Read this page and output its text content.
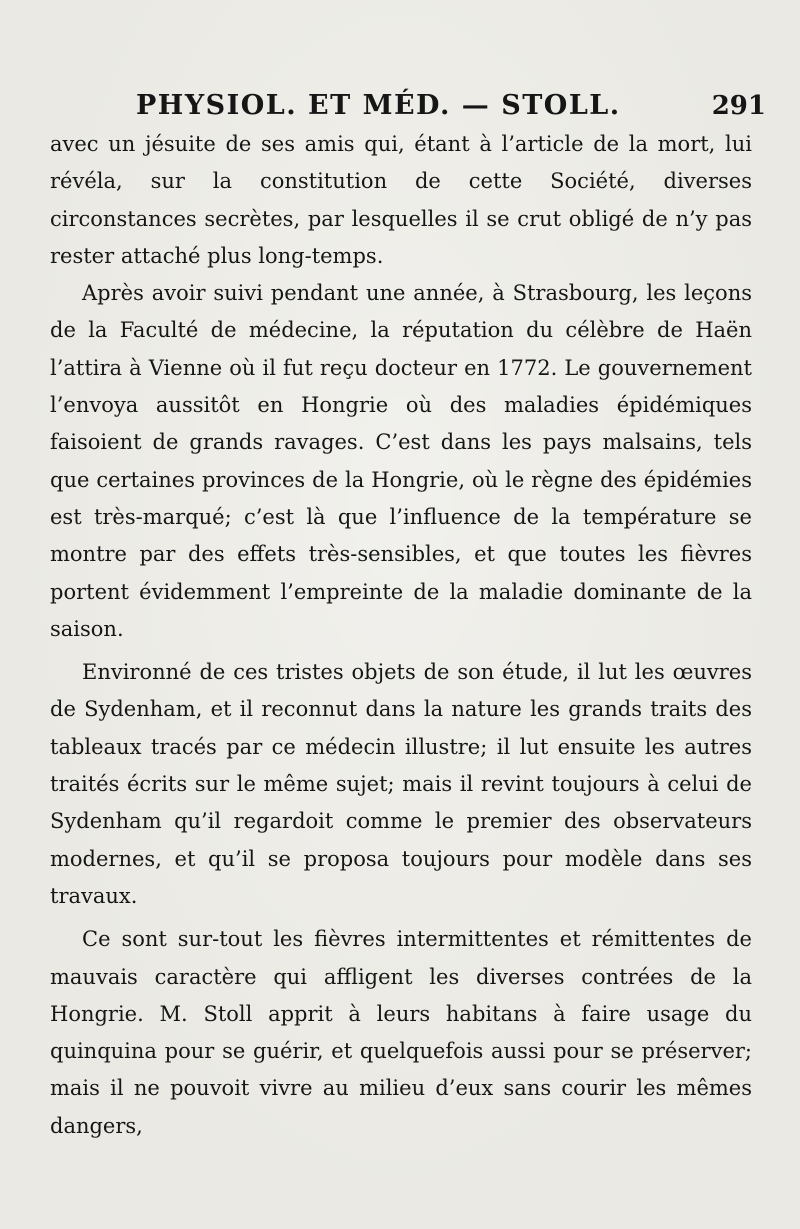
PHYSIOL. ET MÉD. — STOLL.	291

avec un jésuite de ses amis qui, étant à l’article de la mort, lui révéla, sur la constitution de cette Société, diverses circonstances secrètes, par lesquelles il se crut obligé de n’y pas rester attaché plus long-temps.

Après avoir suivi pendant une année, à Strasbourg, les leçons de la Faculté de médecine, la réputation du célèbre de Haën l’attira à Vienne où il fut reçu docteur en 1772. Le gouvernement l’envoya aussitôt en Hongrie où des maladies épidémiques faisoient de grands ravages. C’est dans les pays malsains, tels que certaines provinces de la Hongrie, où le règne des épidémies est très-marqué; c’est là que l’influence de la température se montre par des effets très-sensibles, et que toutes les fièvres portent évidemment l’empreinte de la maladie dominante de la saison.

Environné de ces tristes objets de son étude, il lut les œuvres de Sydenham, et il reconnut dans la nature les grands traits des tableaux tracés par ce médecin illustre; il lut ensuite les autres traités écrits sur le même sujet; mais il revint toujours à celui de Sydenham qu’il regardoit comme le premier des observateurs modernes, et qu’il se proposa toujours pour modèle dans ses travaux.

Ce sont sur-tout les fièvres intermittentes et rémittentes de mauvais caractère qui affligent les diverses contrées de la Hongrie. M. Stoll apprit à leurs habitans à faire usage du quinquina pour se guérir, et quelquefois aussi pour se préserver; mais il ne pouvoit vivre au milieu d’eux sans courir les mêmes dangers,
